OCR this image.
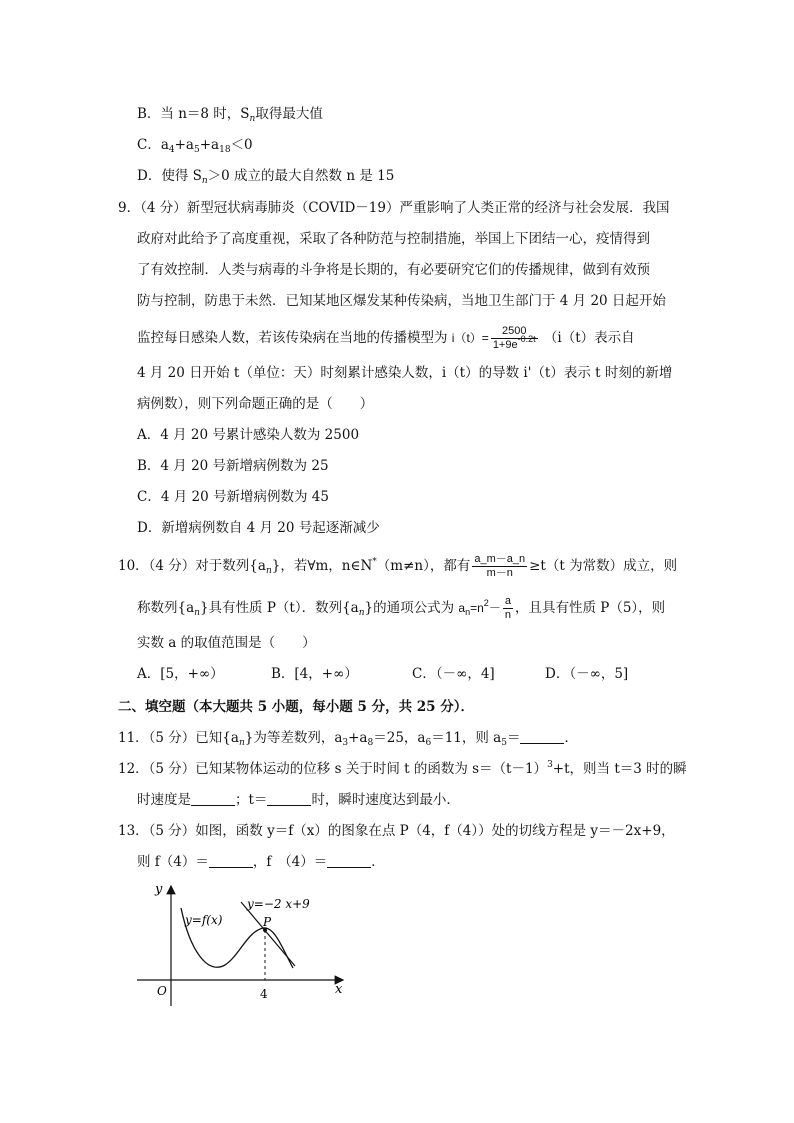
B．当 n＝8 时，$S_n$取得最大值
C．$a_4+a_5+a_{18}<0$
D．使得 $S_n>0$ 成立的最大自然数 n 是 15
9．（4 分）新型冠状病毒肺炎（COVID－19）严重影响了人类正常的经济与社会发展．我国
政府对此给予了高度重视，采取了各种防范与控制措施，举国上下团结一心，疫情得到
了有效控制．人类与病毒的斗争将是长期的，有必要研究它们的传播规律，做到有效预
防与控制，防患于未然．已知某地区爆发某种传染病，当地卫生部门于 4 月 20 日起开始
监控每日感染人数，若该传染病在当地的传播模型为 $i(t)= \frac{2500}{1+9e^{-0.2t}} (i(t)$表示自
4 月 20 日开始 t（单位：天）时刻累计感染人数，i（t）的导数 i'（t）表示 t 时刻的新增
病例数），则下列命题正确的是（　　）
A．4 月 20 号累计感染人数为 2500
B．4 月 20 号新增病例数为 25
C．4 月 20 号新增病例数为 45
D．新增病例数自 4 月 20 号起逐渐减少
10．（4 分）对于数列$\{a_n\}$，若∀m，n∈N*（m≠n），都有 $\frac{a\_m-a\_n}{m-n} \ge t(t$ 为常数）成立，则
称数列$\{a_n\}$具有性质 P（t）．数列$\{a_n\}$的通项公式为 $a_n=n^2- \frac{a}{n}$ ，且具有性质 P（5），则
实数 a 的取值范围是（　　）
A．[5，+∞）	B．[4，+∞）	C．（－∞，4]	D．（－∞，5]
二、填空题（本大题共 5 小题，每小题 5 分，共 25 分）．
11．（5 分）已知$\{a_n\}$为等差数列，$a_3+a_8=25$，$a_6=11$，则 $a_5=$	．
12．（5 分）已知某物体运动的位移 s 关于时间 t 的函数为 $s=(t-1)^3+t$，则当 t＝3 时的瞬
时速度是	；t＝	时，瞬时速度达到最小．
13．（5 分）如图，函数 y＝f（x）的图象在点 P（4，f（4））处的切线方程是 y＝－2x+9，
则 f（4）＝	，f　（4）＝	．
y
x
O	4
P
y=f(x)
y=−2 x+9
